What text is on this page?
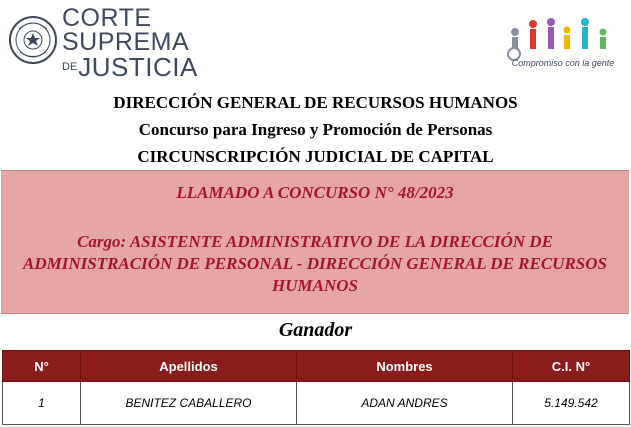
CORTE
SUPREMA
$^{DE}$JUSTICIA	Compromiso con la gente
DIRECCIÓN GENERAL DE RECURSOS HUMANOS
Concurso para Ingreso y Promoción de Personas
CIRCUNSCRIPCIÓN JUDICIAL DE CAPITAL
LLAMADO A CONCURSO N° 48/2023
Cargo: ASISTENTE ADMINISTRATIVO DE LA DIRECCIÓN DE ADMINISTRACIÓN DE PERSONAL - DIRECCIÓN GENERAL DE RECURSOS HUMANOS
Ganador
N°	Apellidos	Nombres	C.I. N°
1	BENITEZ CABALLERO	ADAN ANDRES	5.149.542
